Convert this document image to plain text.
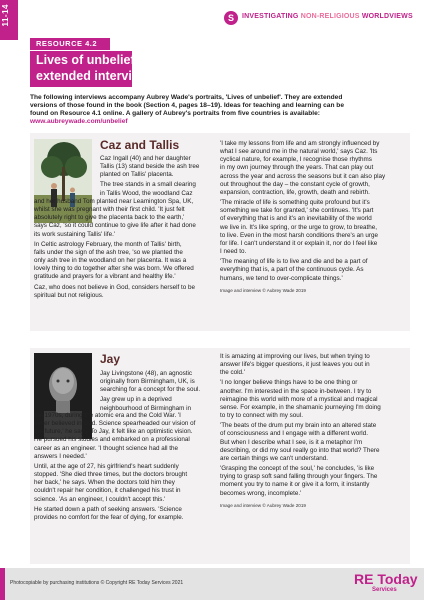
11-14	S	INVESTIGATING NON-RELIGIOUS WORLDVIEWS
RESOURCE 4.2
Lives of unbelief:
extended interviews
The following interviews accompany Aubrey Wade's portraits, 'Lives of unbelief'. They are extended
versions of those found in the book (Section 4, pages 18–19). Ideas for teaching and learning can be
found on Resource 4.1 online. A gallery of Aubrey's portraits from five countries is available:
www.aubreywade.com/unbelief
Caz and Tallis
Caz Ingall (40) and her daughter
Tallis (13) stand beside the ash tree
planted on Tallis' placenta.
The tree stands in a small clearing
in Tallis Wood, the woodland Caz
and her husband Tom planted near Leamington Spa, UK,
whilst she was pregnant with their first child. 'It just felt
absolutely right to give the placenta back to the earth,'
says Caz, 'so it could continue to give life after it had done
its work sustaining Tallis' life.'
In Celtic astrology February, the month of Tallis' birth,
falls under the sign of the ash tree, 'so we planted the
only ash tree in the woodland on her placenta. It was a
lovely thing to do together after she was born. We offered
gratitude and prayers for a vibrant and healthy life.'
Caz, who does not believe in God, considers herself to be
spiritual but not religious.
'I take my lessons from life and am strongly influenced by
what I see around me in the natural world,' says Caz. 'Its
cyclical nature, for example, I recognise those rhythms
in my own journey through the years. That can play out
across the year and across the seasons but it can also play
out throughout the day – the constant cycle of growth,
expansion, contraction, life, growth, death and rebirth.
'The miracle of life is something quite profound but it's
something we take for granted,' she continues. 'It's part
of everything that is and it's an inevitability of the world
we live in. It's like spring, or the urge to grow, to breathe,
to live. Even in the most harsh conditions there's an urge
for life. I can't understand it or explain it, nor do I feel like
I need to.
'The meaning of life is to live and die and be a part of
everything that is, a part of the continuous cycle. As
humans, we tend to over-complicate things.'
Image and interview © Aubrey Wade 2019
Jay
Jay Livingstone (48), an agnostic
originally from Birmingham, UK, is
searching for a concept for the soul.
Jay grew up in a deprived
neighbourhood of Birmingham in
the 1970s, during the atomic era and the Cold War. 'I
never believed in God. Science spearheaded our vision of
the future,' he says. To Jay, it felt like an optimistic vision.
He pursued his studies and embarked on a professional
career as an engineer. 'I thought science had all the
answers I needed.'
Until, at the age of 27, his girlfriend's heart suddenly
stopped. 'She died three times, but the doctors brought
her back,' he says. When the doctors told him they
couldn't repair her condition, it challenged his trust in
science. 'As an engineer, I couldn't accept this.'
He started down a path of seeking answers. 'Science
provides no comfort for the fear of dying, for example.
It is amazing at improving our lives, but when trying to
answer life's bigger questions, it just leaves you out in
the cold.'
'I no longer believe things have to be one thing or
another. I'm interested in the space in-between. I try to
reimagine this world with more of a mystical and magical
sense. For example, in the shamanic journeying I'm doing
to try to connect with my soul.
'The beats of the drum put my brain into an altered state
of consciousness and I engage with a different world.
But when I describe what I see, is it a metaphor I'm
describing, or did my soul really go into that world? There
are certain things we can't understand.
'Grasping the concept of the soul,' he concludes, 'is like
trying to grasp soft sand falling through your fingers. The
moment you try to name it or give it a form, it instantly
becomes wrong, incomplete.'
Image and interview © Aubrey Wade 2019
Photocopiable by purchasing institutions © Copyright RE Today Services 2021	RE Today
Services
